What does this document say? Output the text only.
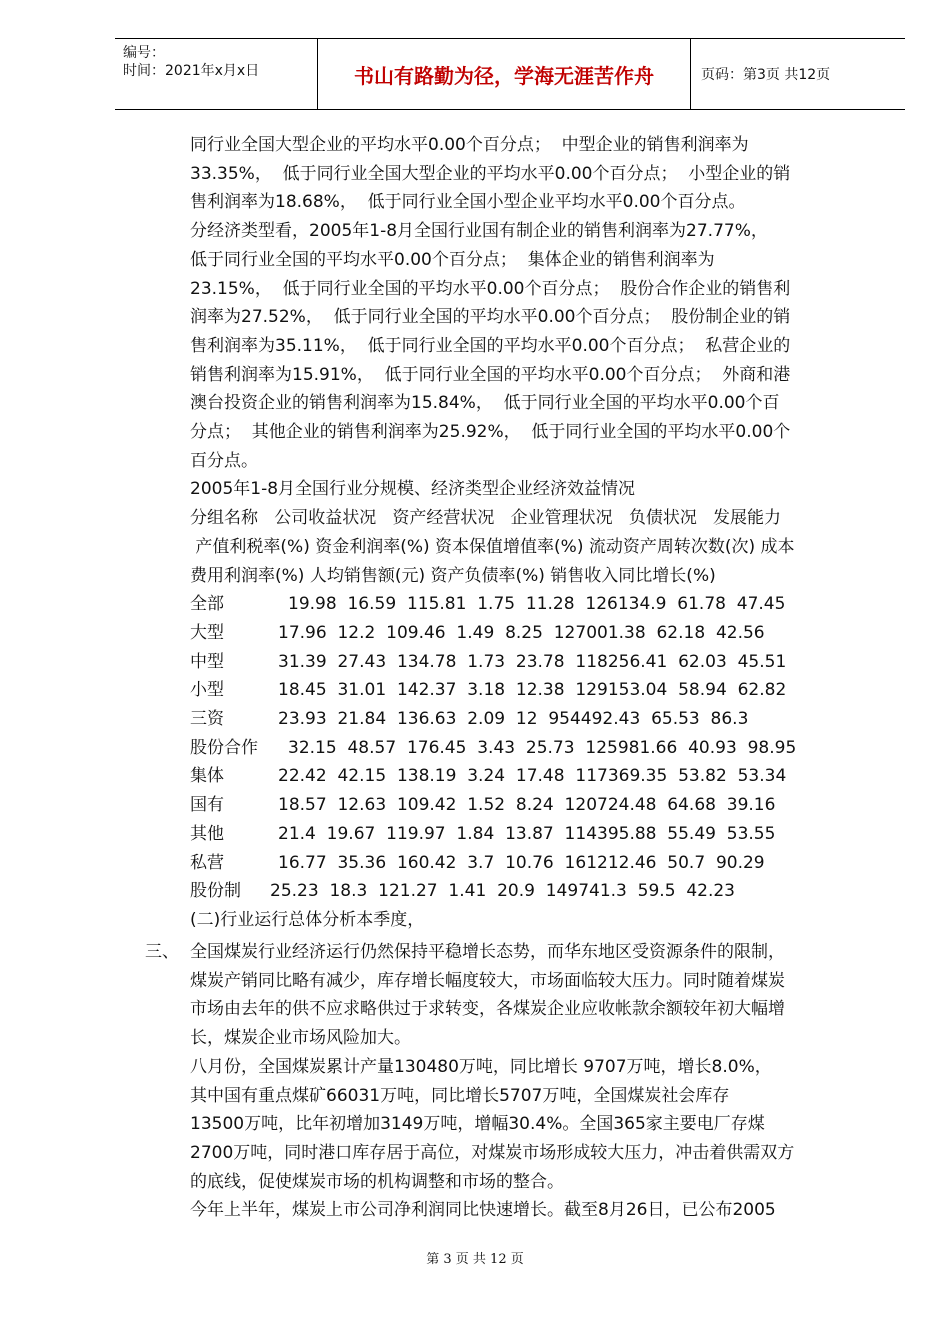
编号：
时间：2021年x月x日	书山有路勤为径，学海无涯苦作舟	页码：第3页 共12页
同行业全国大型企业的平均水平0.00个百分点；  中型企业的销售利润率为
33.35%，  低于同行业全国大型企业的平均水平0.00个百分点；  小型企业的销
售利润率为18.68%，  低于同行业全国小型企业平均水平0.00个百分点。
分经济类型看，2005年1-8月全国行业国有制企业的销售利润率为27.77%，
低于同行业全国的平均水平0.00个百分点；  集体企业的销售利润率为
23.15%，  低于同行业全国的平均水平0.00个百分点；  股份合作企业的销售利
润率为27.52%，  低于同行业全国的平均水平0.00个百分点；  股份制企业的销
售利润率为35.11%，  低于同行业全国的平均水平0.00个百分点；  私营企业的
销售利润率为15.91%，  低于同行业全国的平均水平0.00个百分点；  外商和港
澳台投资企业的销售利润率为15.84%，  低于同行业全国的平均水平0.00个百
分点；  其他企业的销售利润率为25.92%，  低于同行业全国的平均水平0.00个
百分点。
2005年1-8月全国行业分规模、经济类型企业经济效益情况
分组名称   公司收益状况   资产经营状况   企业管理状况   负债状况   发展能力
产值利税率(%) 资金利润率(%) 资本保值增值率(%) 流动资产周转次数(次) 成本
费用利润率(%) 人均销售额(元) 资产负债率(%) 销售收入同比增长(%)
全部	19.98  16.59  115.81  1.75  11.28  126134.9  61.78  47.45
大型	17.96  12.2  109.46  1.49  8.25  127001.38  62.18  42.56
中型	31.39  27.43  134.78  1.73  23.78  118256.41  62.03  45.51
小型	18.45  31.01  142.37  3.18  12.38  129153.04  58.94  62.82
三资	23.93  21.84  136.63  2.09  12  954492.43  65.53  86.3
股份合作 32.15  48.57  176.45  3.43  25.73  125981.66  40.93  98.95
集体	22.42  42.15  138.19  3.24  17.48  117369.35  53.82  53.34
国有	18.57  12.63  109.42  1.52  8.24  120724.48  64.68  39.16
其他	21.4  19.67  119.97  1.84  13.87  114395.88  55.49  53.55
私营	16.77  35.36  160.42  3.7  10.76  161212.46  50.7  90.29
股份制 25.23  18.3  121.27  1.41  20.9  149741.3  59.5  42.23
(二)行业运行总体分析本季度，
三、 全国煤炭行业经济运行仍然保持平稳增长态势，而华东地区受资源条件的限制，
煤炭产销同比略有减少，库存增长幅度较大，市场面临较大压力。同时随着煤炭
市场由去年的供不应求略供过于求转变，各煤炭企业应收帐款余额较年初大幅增
长，煤炭企业市场风险加大。
八月份，全国煤炭累计产量130480万吨，同比增长 9707万吨，增长8.0%，
其中国有重点煤矿66031万吨，同比增长5707万吨，全国煤炭社会库存
13500万吨，比年初增加3149万吨，增幅30.4%。全国365家主要电厂存煤
2700万吨，同时港口库存居于高位，对煤炭市场形成较大压力，冲击着供需双方
的底线，促使煤炭市场的机构调整和市场的整合。
今年上半年，煤炭上市公司净利润同比快速增长。截至8月26日，已公布2005
第 3 页 共 12 页
